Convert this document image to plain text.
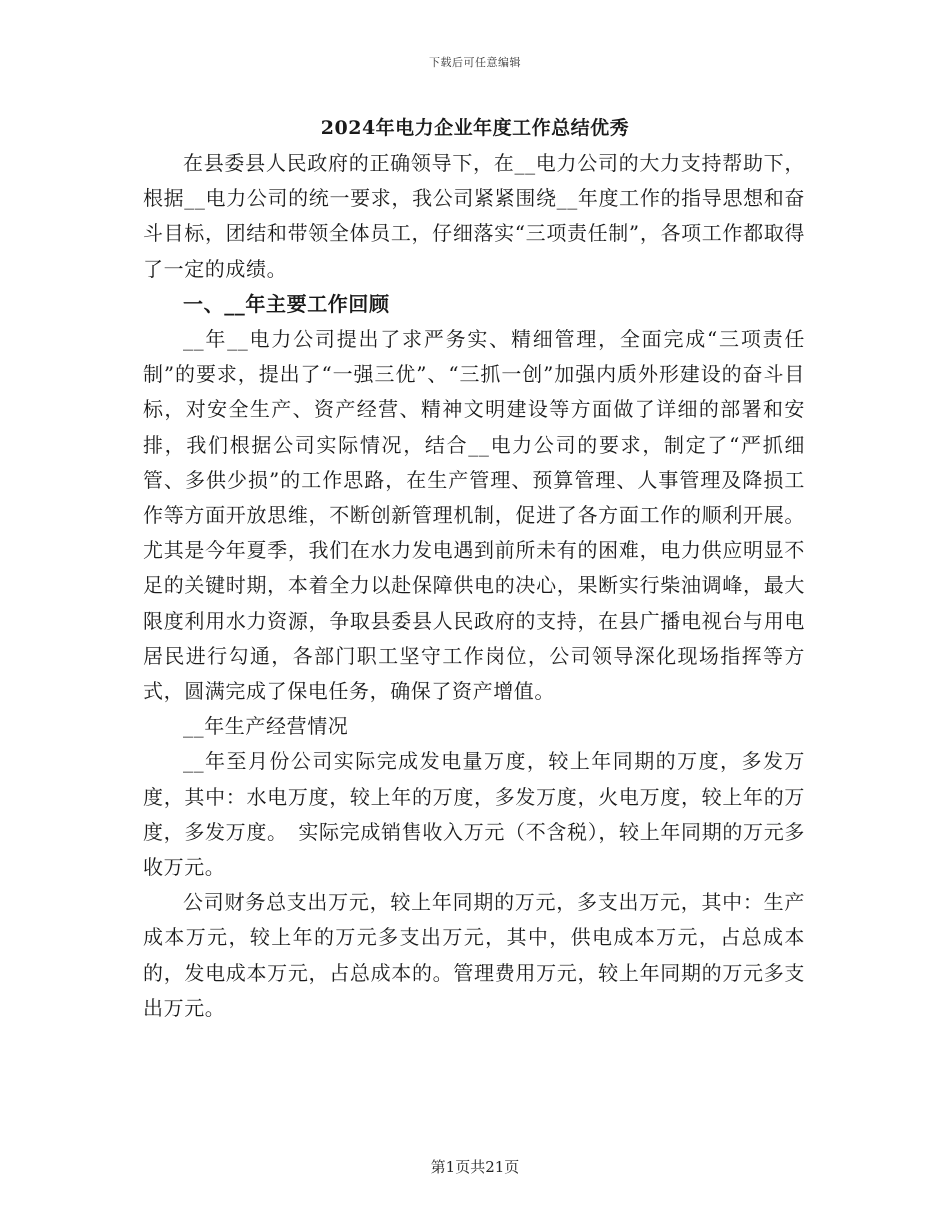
下载后可任意编辑
2024年电力企业年度工作总结优秀

在县委县人民政府的正确领导下，在__电力公司的大力支持帮助下，根据__电力公司的统一要求，我公司紧紧围绕__年度工作的指导思想和奋斗目标，团结和带领全体员工，仔细落实“三项责任制”，各项工作都取得了一定的成绩。

一、__年主要工作回顾

__年__电力公司提出了求严务实、精细管理，全面完成“三项责任制”的要求，提出了“一强三优”、“三抓一创”加强内质外形建设的奋斗目标，对安全生产、资产经营、精神文明建设等方面做了详细的部署和安排，我们根据公司实际情况，结合__电力公司的要求，制定了“严抓细管、多供少损”的工作思路，在生产管理、预算管理、人事管理及降损工作等方面开放思维，不断创新管理机制，促进了各方面工作的顺利开展。尤其是今年夏季，我们在水力发电遇到前所未有的困难，电力供应明显不足的关键时期，本着全力以赴保障供电的决心，果断实行柴油调峰，最大限度利用水力资源，争取县委县人民政府的支持，在县广播电视台与用电居民进行勾通，各部门职工坚守工作岗位，公司领导深化现场指挥等方式，圆满完成了保电任务，确保了资产增值。

__年生产经营情况

__年至月份公司实际完成发电量万度，较上年同期的万度，多发万度，其中：水电万度，较上年的万度，多发万度，火电万度，较上年的万度，多发万度。　实际完成销售收入万元（不含税），较上年同期的万元多收万元。

公司财务总支出万元，较上年同期的万元，多支出万元，其中：生产成本万元，较上年的万元多支出万元，其中，供电成本万元，占总成本的，发电成本万元，占总成本的。管理费用万元，较上年同期的万元多支出万元。

第1页共21页
